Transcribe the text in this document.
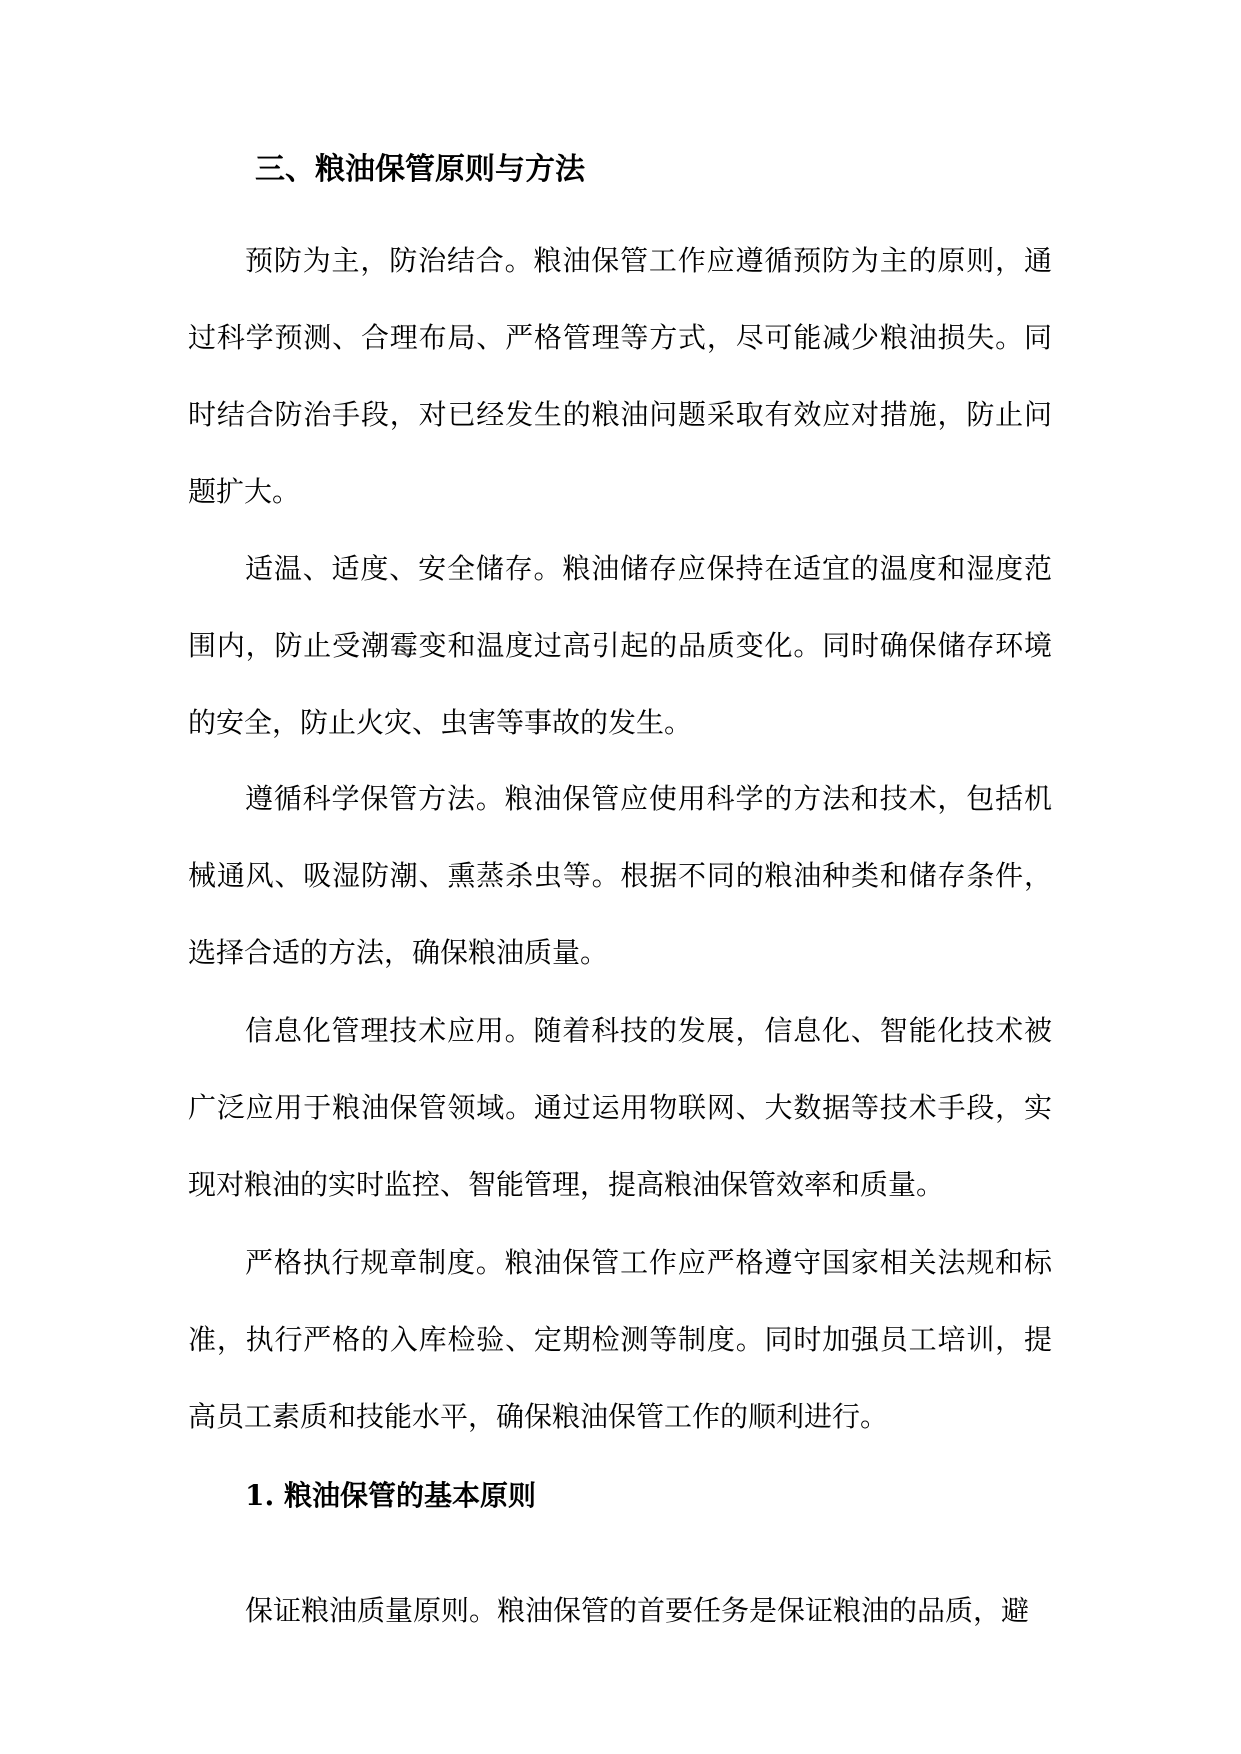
三、粮油保管原则与方法

预防为主，防治结合。粮油保管工作应遵循预防为主的原则，通过科学预测、合理布局、严格管理等方式，尽可能减少粮油损失。同时结合防治手段，对已经发生的粮油问题采取有效应对措施，防止问题扩大。

适温、适度、安全储存。粮油储存应保持在适宜的温度和湿度范围内，防止受潮霉变和温度过高引起的品质变化。同时确保储存环境的安全，防止火灾、虫害等事故的发生。

遵循科学保管方法。粮油保管应使用科学的方法和技术，包括机械通风、吸湿防潮、熏蒸杀虫等。根据不同的粮油种类和储存条件，选择合适的方法，确保粮油质量。

信息化管理技术应用。随着科技的发展，信息化、智能化技术被广泛应用于粮油保管领域。通过运用物联网、大数据等技术手段，实现对粮油的实时监控、智能管理，提高粮油保管效率和质量。

严格执行规章制度。粮油保管工作应严格遵守国家相关法规和标准，执行严格的入库检验、定期检测等制度。同时加强员工培训，提高员工素质和技能水平，确保粮油保管工作的顺利进行。

1. 粮油保管的基本原则

保证粮油质量原则。粮油保管的首要任务是保证粮油的品质，避
